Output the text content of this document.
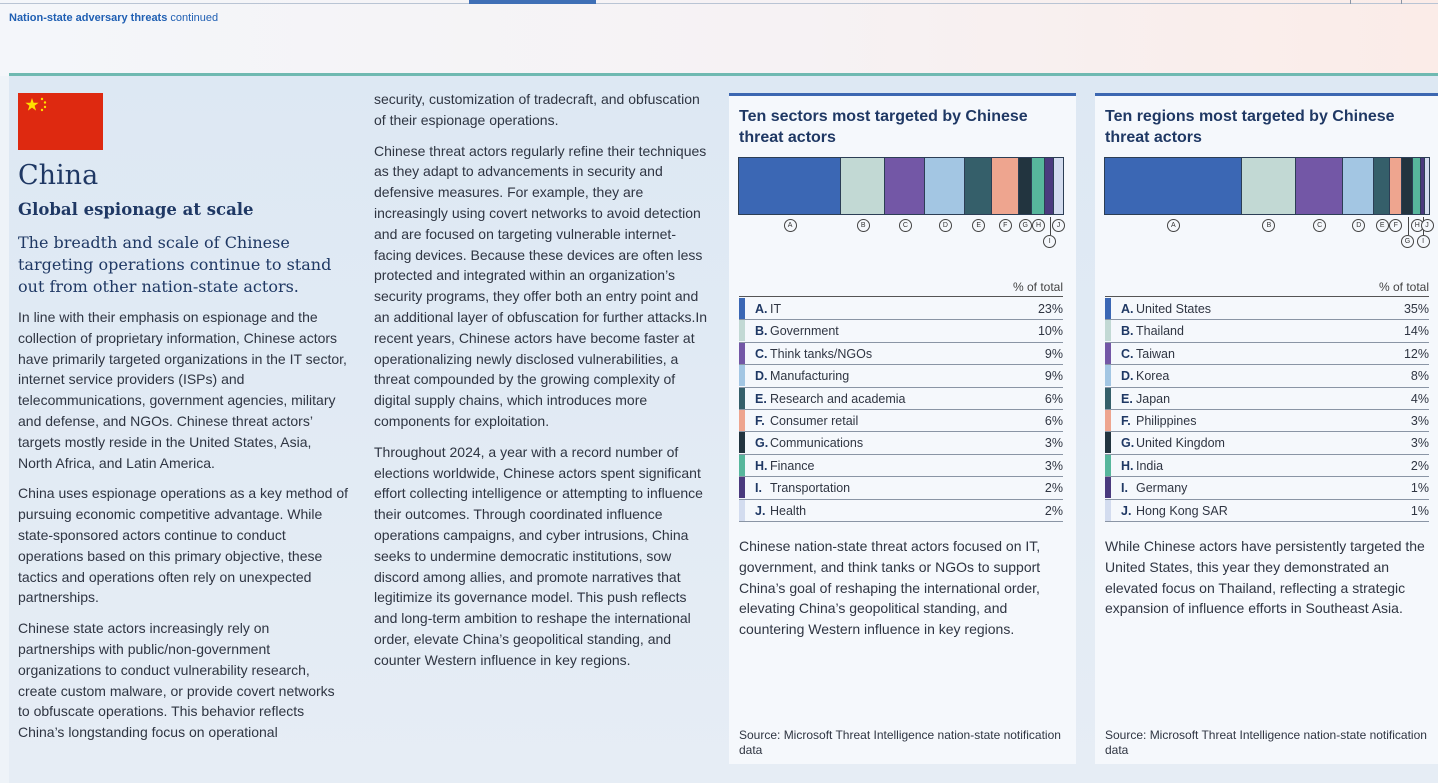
Nation-state adversary threats continued
China
Global espionage at scale
The breadth and scale of Chinese targeting operations continue to stand out from other nation-state actors.

In line with their emphasis on espionage and the collection of proprietary information, Chinese actors have primarily targeted organizations in the IT sector, internet service providers (ISPs) and telecommunications, government agencies, military and defense, and NGOs. Chinese threat actors’ targets mostly reside in the United States, Asia, North Africa, and Latin America.

China uses espionage operations as a key method of pursuing economic competitive advantage. While state-sponsored actors continue to conduct operations based on this primary objective, these tactics and operations often rely on unexpected partnerships.

Chinese state actors increasingly rely on partnerships with public/non-government organizations to conduct vulnerability research, create custom malware, or provide covert networks to obfuscate operations. This behavior reflects China’s longstanding focus on operational

security, customization of tradecraft, and obfuscation of their espionage operations.

Chinese threat actors regularly refine their techniques as they adapt to advancements in security and defensive measures. For example, they are increasingly using covert networks to avoid detection and are focused on targeting vulnerable internet-facing devices. Because these devices are often less protected and integrated within an organization’s security programs, they offer both an entry point and an additional layer of obfuscation for further attacks.In recent years, Chinese actors have become faster at operationalizing newly disclosed vulnerabilities, a threat compounded by the growing complexity of digital supply chains, which introduces more components for exploitation.

Throughout 2024, a year with a record number of elections worldwide, Chinese actors spent significant effort collecting intelligence or attempting to influence their outcomes. Through coordinated influence operations campaigns, and cyber intrusions, China seeks to undermine democratic institutions, sow discord among allies, and promote narratives that legitimize its governance model. This push reflects and long-term ambition to reshape the international order, elevate China’s geopolitical standing, and counter Western influence in key regions.

Ten sectors most targeted by Chinese threat actors
A	B	C	D	E	F	G	H
I
J
% of total
A. IT	23%
B. Government	10%
C. Think tanks/NGOs	9%
D. Manufacturing	9%
E. Research and academia	6%
F. Consumer retail	6%
G. Communications	3%
H. Finance	3%
I. Transportation	2%
J. Health	2%
Chinese nation-state threat actors focused on IT, government, and think tanks or NGOs to support China’s goal of reshaping the international order, elevating China’s geopolitical standing, and countering Western influence in key regions.
Source: Microsoft Threat Intelligence nation-state notification data
Ten regions most targeted by Chinese threat actors
A	B	C	D	E	F
G
H
I
J
% of total
A. United States	35%
B. Thailand	14%
C. Taiwan	12%
D. Korea	8%
E. Japan	4%
F. Philippines	3%
G. United Kingdom	3%
H. India	2%
I. Germany	1%
J. Hong Kong SAR	1%
While Chinese actors have persistently targeted the United States, this year they demonstrated an elevated focus on Thailand, reflecting a strategic expansion of influence efforts in Southeast Asia.
Source: Microsoft Threat Intelligence nation-state notification data
